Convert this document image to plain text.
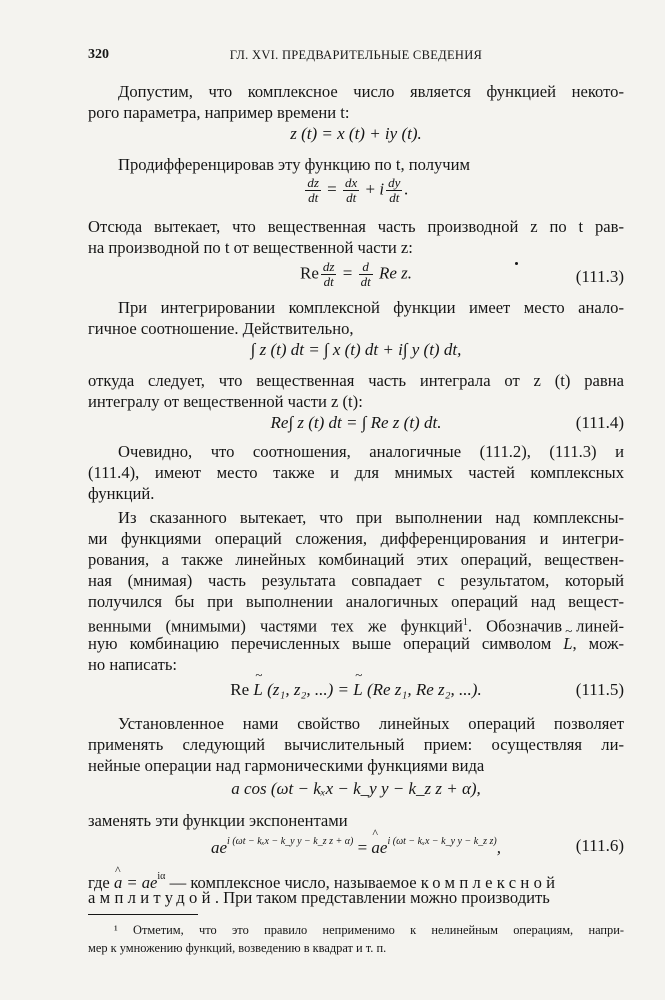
320	ГЛ. XVI. ПРЕДВАРИТЕЛЬНЫЕ СВЕДЕНИЯ
Допустим, что комплексное число является функцией некото-
рого параметра, например времени t:
z (t) = x (t) + iy (t).
Продифференцировав эту функцию по t, получим
$\frac{dz}{dt} = \frac{dx}{dt} + i \frac{dy}{dt}$ .
Отсюда вытекает, что вещественная часть производной z по t рав-
на производной по t от вещественной части z:
Re $\frac{dz}{dt} = \frac{d}{dt}$ Re z.	(111.3)
При интегрировании комплексной функции имеет место анало-
гичное соотношение. Действительно,
∫ z (t) dt = ∫ x (t) dt + i∫ y (t) dt,
откуда следует, что вещественная часть интеграла от z (t) равна
интегралу от вещественной части z (t):
Re∫ z (t) dt = ∫ Re z (t) dt.	(111.4)
Очевидно, что соотношения, аналогичные (111.2), (111.3) и
(111.4), имеют место также и для мнимых частей комплексных
функций.
Из сказанного вытекает, что при выполнении над комплексны-
ми функциями операций сложения, дифференцирования и интегри-
рования, а также линейных комбинаций этих операций, веществен-
ная (мнимая) часть результата совпадает с результатом, который
получился бы при выполнении аналогичных операций над вещест-
венными (мнимыми) частями тех же функций$^1$. Обозначив линей-
ную комбинацию перечисленных выше операций символом ~ L, мож-
но написать:
Re ~ L (z₁, z₂, ...) = ~ L (Re z₁, Re z₂, ...).	(111.5)
Установленное нами свойство линейных операций позволяет
применять следующий вычислительный прием: осуществляя ли-
нейные операции над гармоническими функциями вида
a cos (ωt − kₓx − k_y y − k_z z + α),
заменять эти функции экспонентами
$ae^{i (\omega t - k_xx - k\_y y - k\_z z + \alpha)}$ = ^ $ae^{i (\omega t - k_xx - k\_y y - k\_z z)}$,	(111.6)
где ^ $a = ae^{i\alpha}$ — комплексное число, называемое комплексной
амплитудой. При таком представлении можно производить
¹ Отметим, что это правило неприменимо к нелинейным операциям, напри-
мер к умножению функций, возведению в квадрат и т. п.
